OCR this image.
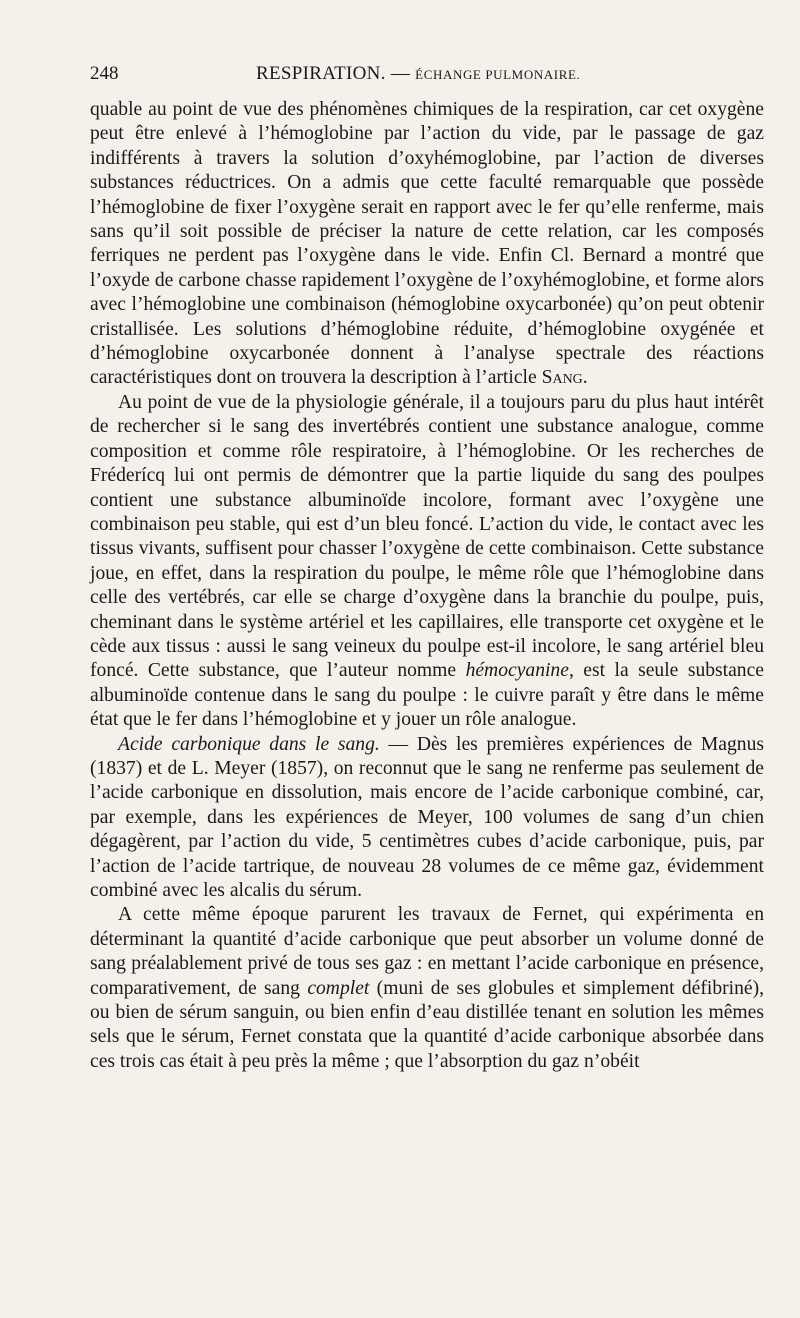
248	RESPIRATION. — ÉCHANGE PULMONAIRE.

quable au point de vue des phénomènes chimiques de la respiration, car cet oxygène peut être enlevé à l’hémoglobine par l’action du vide, par le passage de gaz indifférents à travers la solution d’oxyhémoglobine, par l’action de diverses substances réductrices. On a admis que cette faculté remarquable que possède l’hémoglobine de fixer l’oxygène serait en rapport avec le fer qu’elle renferme, mais sans qu’il soit possible de préciser la nature de cette relation, car les composés ferriques ne perdent pas l’oxygène dans le vide. Enfin Cl. Bernard a montré que l’oxyde de carbone chasse rapidement l’oxygène de l’oxyhémoglobine, et forme alors avec l’hémoglobine une combinaison (hémoglobine oxycarbonée) qu’on peut obtenir cristallisée. Les solutions d’hémoglobine réduite, d’hémoglobine oxygénée et d’hémoglobine oxycarbonée donnent à l’analyse spectrale des réactions caractéristiques dont on trouvera la description à l’article Sang.

Au point de vue de la physiologie générale, il a toujours paru du plus haut intérêt de rechercher si le sang des invertébrés contient une substance analogue, comme composition et comme rôle respiratoire, à l’hémoglobine. Or les recherches de Fréderícq lui ont permis de démontrer que la partie liquide du sang des poulpes contient une substance albuminoïde incolore, formant avec l’oxygène une combinaison peu stable, qui est d’un bleu foncé. L’action du vide, le contact avec les tissus vivants, suffisent pour chasser l’oxygène de cette combinaison. Cette substance joue, en effet, dans la respiration du poulpe, le même rôle que l’hémoglobine dans celle des vertébrés, car elle se charge d’oxygène dans la branchie du poulpe, puis, cheminant dans le système artériel et les capillaires, elle transporte cet oxygène et le cède aux tissus : aussi le sang veineux du poulpe est-il incolore, le sang artériel bleu foncé. Cette substance, que l’auteur nomme hémocyanine, est la seule substance albuminoïde contenue dans le sang du poulpe : le cuivre paraît y être dans le même état que le fer dans l’hémoglobine et y jouer un rôle analogue.

Acide carbonique dans le sang. — Dès les premières expériences de Magnus (1837) et de L. Meyer (1857), on reconnut que le sang ne renferme pas seulement de l’acide carbonique en dissolution, mais encore de l’acide carbonique combiné, car, par exemple, dans les expériences de Meyer, 100 volumes de sang d’un chien dégagèrent, par l’action du vide, 5 centimètres cubes d’acide carbonique, puis, par l’action de l’acide tartrique, de nouveau 28 volumes de ce même gaz, évidemment combiné avec les alcalis du sérum.

A cette même époque parurent les travaux de Fernet, qui expérimenta en déterminant la quantité d’acide carbonique que peut absorber un volume donné de sang préalablement privé de tous ses gaz : en mettant l’acide carbonique en présence, comparativement, de sang complet (muni de ses globules et simplement défibriné), ou bien de sérum sanguin, ou bien enfin d’eau distillée tenant en solution les mêmes sels que le sérum, Fernet constata que la quantité d’acide carbonique absorbée dans ces trois cas était à peu près la même ; que l’absorption du gaz n’obéit
